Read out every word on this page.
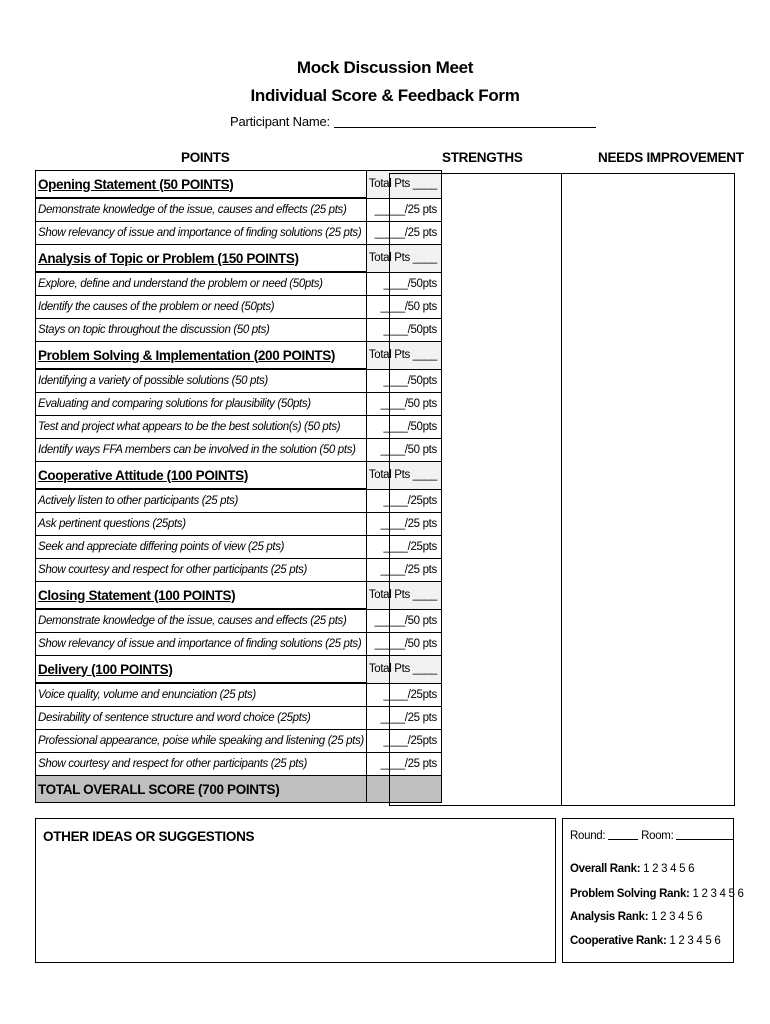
Mock Discussion Meet
Individual Score & Feedback Form
Participant Name:
POINTS	STRENGTHS	NEEDS IMPROVEMENT
Opening Statement (50 POINTS)	Total Pts ____
Demonstrate knowledge of the issue, causes and effects (25 pts)	_____/25 pts
Show relevancy of issue and importance of finding solutions (25 pts)	_____/25 pts
Analysis of Topic or Problem (150 POINTS)	Total Pts ____
Explore, define and understand the problem or need (50pts)	____/50pts
Identify the causes of the problem or need (50pts)	____/50 pts
Stays on topic throughout the discussion (50 pts)	____/50pts
Problem Solving & Implementation (200 POINTS)	Total Pts ____
Identifying a variety of possible solutions (50 pts)	____/50pts
Evaluating and comparing solutions for plausibility (50pts)	____/50 pts
Test and project what appears to be the best solution(s) (50 pts)	____/50pts
Identify ways FFA members can be involved in the solution (50 pts)	____/50 pts
Cooperative Attitude (100 POINTS)	Total Pts ____
Actively listen to other participants (25 pts)	____/25pts
Ask pertinent questions (25pts)	____/25 pts
Seek and appreciate differing points of view (25 pts)	____/25pts
Show courtesy and respect for other participants (25 pts)	____/25 pts
Closing Statement (100 POINTS)	Total Pts ____
Demonstrate knowledge of the issue, causes and effects (25 pts)	_____/50 pts
Show relevancy of issue and importance of finding solutions (25 pts)	_____/50 pts
Delivery (100 POINTS)	Total Pts ____
Voice quality, volume and enunciation (25 pts)	____/25pts
Desirability of sentence structure and word choice (25pts)	____/25 pts
Professional appearance, poise while speaking and listening (25 pts)	____/25pts
Show courtesy and respect for other participants (25 pts)	____/25 pts
TOTAL OVERALL SCORE (700 POINTS)	
OTHER IDEAS OR SUGGESTIONS	Round:	Room:
Overall Rank: 1 2 3 4 5 6
Problem Solving Rank: 1 2 3 4 5 6
Analysis Rank: 1 2 3 4 5 6
Cooperative Rank: 1 2 3 4 5 6
